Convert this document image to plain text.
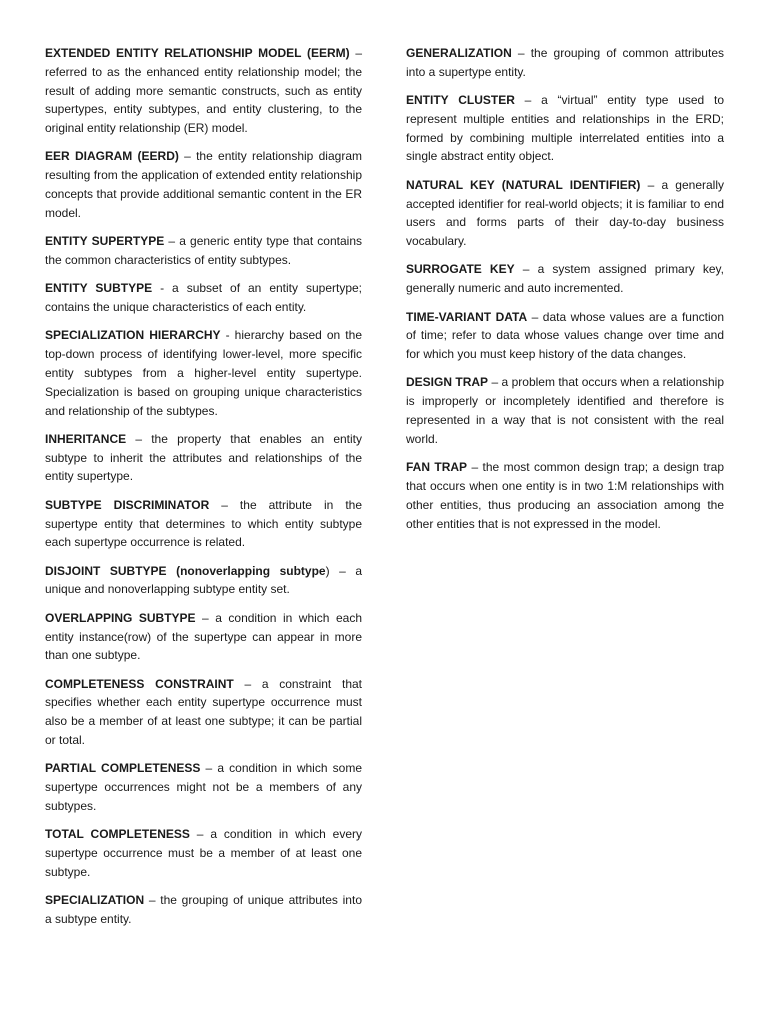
EXTENDED ENTITY RELATIONSHIP MODEL (EERM) – referred to as the enhanced entity relationship model; the result of adding more semantic constructs, such as entity supertypes, entity subtypes, and entity clustering, to the original entity relationship (ER) model.

EER DIAGRAM (EERD) – the entity relationship diagram resulting from the application of extended entity relationship concepts that provide additional semantic content in the ER model.

ENTITY SUPERTYPE – a generic entity type that contains the common characteristics of entity subtypes.

ENTITY SUBTYPE - a subset of an entity supertype; contains the unique characteristics of each entity.

SPECIALIZATION HIERARCHY - hierarchy based on the top-down process of identifying lower-level, more specific entity subtypes from a higher-level entity supertype. Specialization is based on grouping unique characteristics and relationship of the subtypes.

INHERITANCE – the property that enables an entity subtype to inherit the attributes and relationships of the entity supertype.

SUBTYPE DISCRIMINATOR – the attribute in the supertype entity that determines to which entity subtype each supertype occurrence is related.

DISJOINT SUBTYPE (nonoverlapping subtype) – a unique and nonoverlapping subtype entity set.

OVERLAPPING SUBTYPE – a condition in which each entity instance(row) of the supertype can appear in more than one subtype.

COMPLETENESS CONSTRAINT – a constraint that specifies whether each entity supertype occurrence must also be a member of at least one subtype; it can be partial or total.

PARTIAL COMPLETENESS – a condition in which some supertype occurrences might not be a members of any subtypes.

TOTAL COMPLETENESS – a condition in which every supertype occurrence must be a member of at least one subtype.

SPECIALIZATION – the grouping of unique attributes into a subtype entity.

GENERALIZATION – the grouping of common attributes into a supertype entity.

ENTITY CLUSTER – a “virtual” entity type used to represent multiple entities and relationships in the ERD; formed by combining multiple interrelated entities into a single abstract entity object.

NATURAL KEY (NATURAL IDENTIFIER) – a generally accepted identifier for real-world objects; it is familiar to end users and forms parts of their day-to-day business vocabulary.

SURROGATE KEY – a system assigned primary key, generally numeric and auto incremented.

TIME-VARIANT DATA – data whose values are a function of time; refer to data whose values change over time and for which you must keep history of the data changes.

DESIGN TRAP – a problem that occurs when a relationship is improperly or incompletely identified and therefore is represented in a way that is not consistent with the real world.

FAN TRAP – the most common design trap; a design trap that occurs when one entity is in two 1:M relationships with other entities, thus producing an association among the other entities that is not expressed in the model.
